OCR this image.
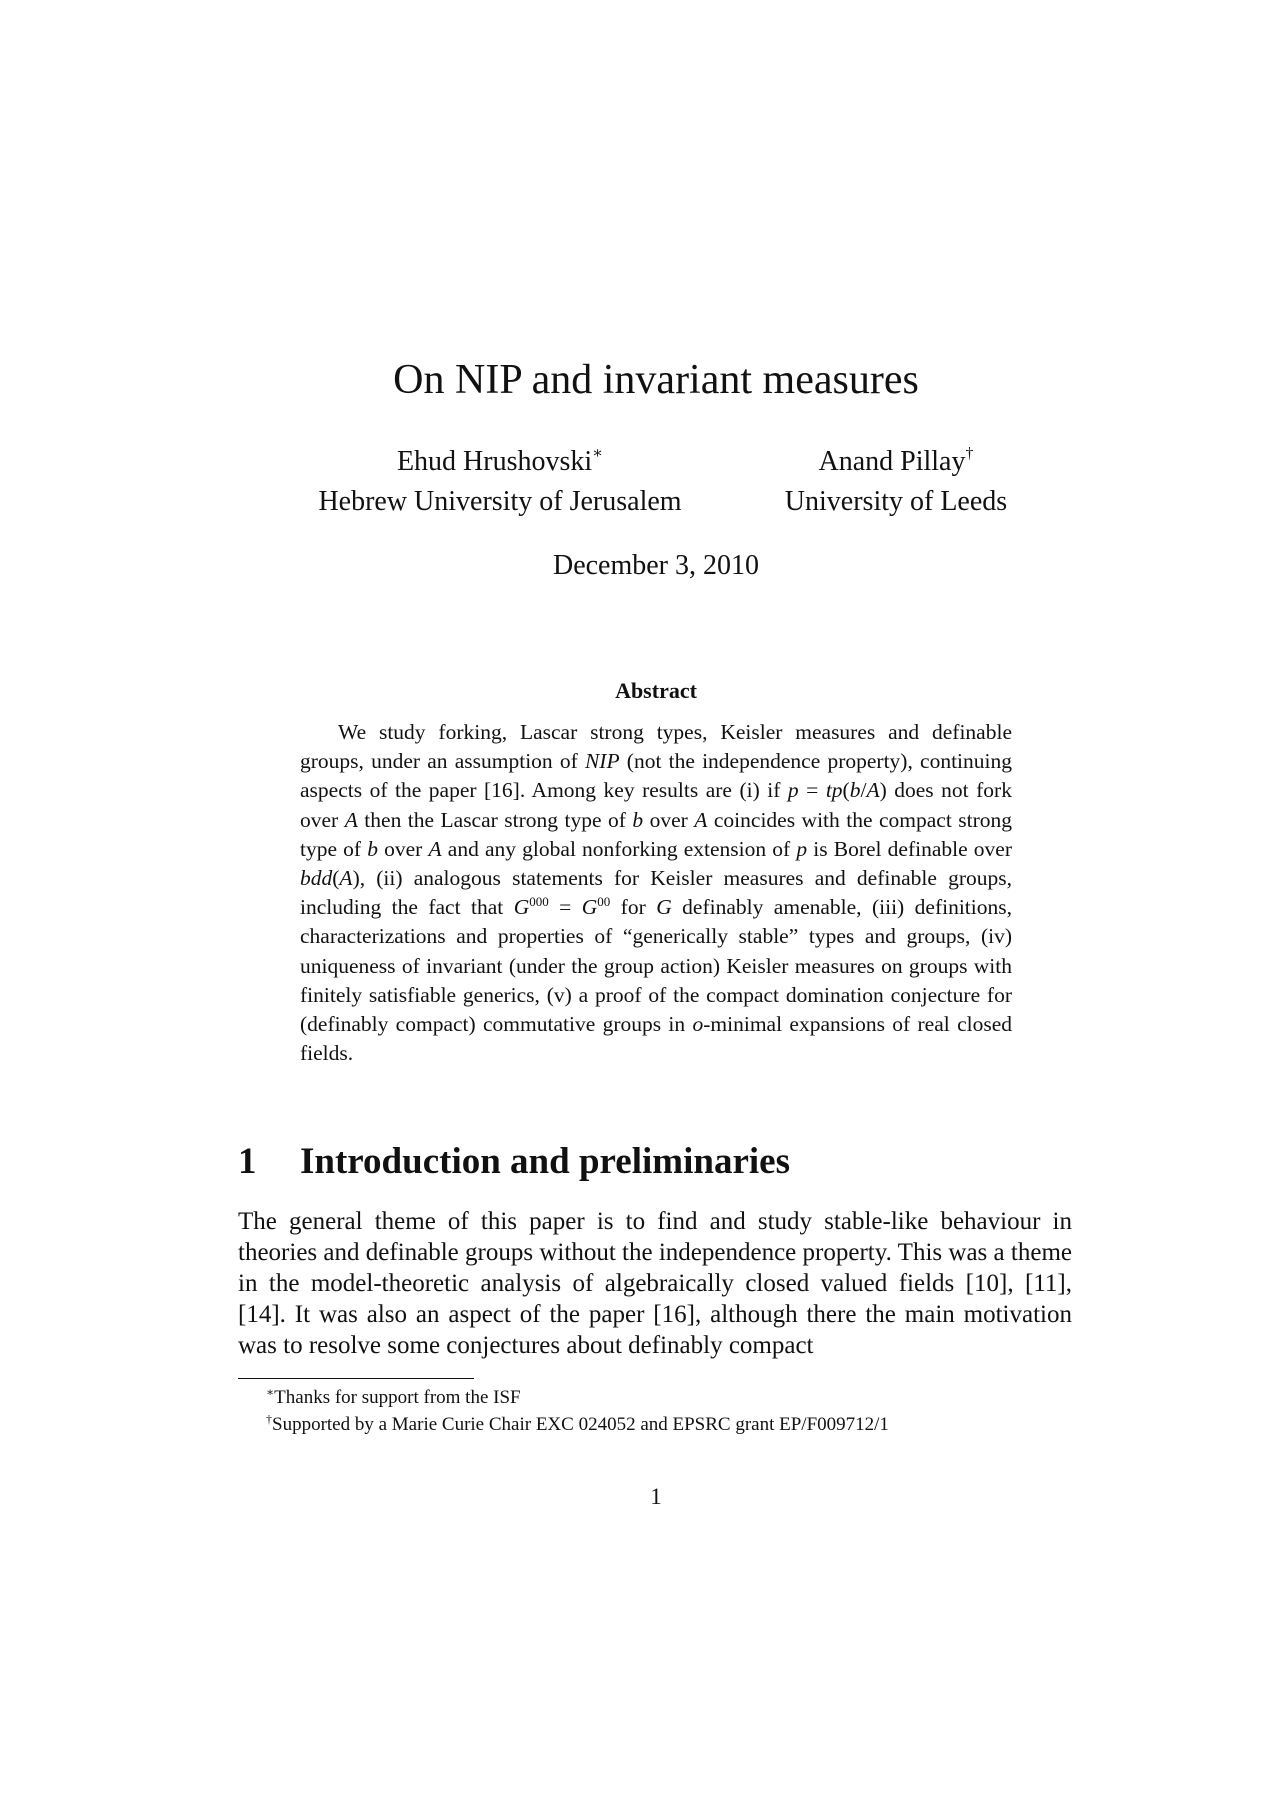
On NIP and invariant measures
Ehud Hrushovski∗
Hebrew University of Jerusalem
Anand Pillay†
University of Leeds
December 3, 2010
Abstract
We study forking, Lascar strong types, Keisler measures and definable groups, under an assumption of NIP (not the independence property), continuing aspects of the paper [16]. Among key results are (i) if p = tp(b/A) does not fork over A then the Lascar strong type of b over A coincides with the compact strong type of b over A and any global nonforking extension of p is Borel definable over bdd(A), (ii) analogous statements for Keisler measures and definable groups, including the fact that $G^{000} = G^{00}$ for G definably amenable, (iii) definitions, characterizations and properties of “generically stable” types and groups, (iv) uniqueness of invariant (under the group action) Keisler measures on groups with finitely satisfiable generics, (v) a proof of the compact domination conjecture for (definably compact) commutative groups in o-minimal expansions of real closed fields.
1 Introduction and preliminaries
The general theme of this paper is to find and study stable-like behaviour in theories and definable groups without the independence property. This was a theme in the model-theoretic analysis of algebraically closed valued fields [10], [11], [14]. It was also an aspect of the paper [16], although there the main motivation was to resolve some conjectures about definably compact
∗Thanks for support from the ISF
†Supported by a Marie Curie Chair EXC 024052 and EPSRC grant EP/F009712/1
1
